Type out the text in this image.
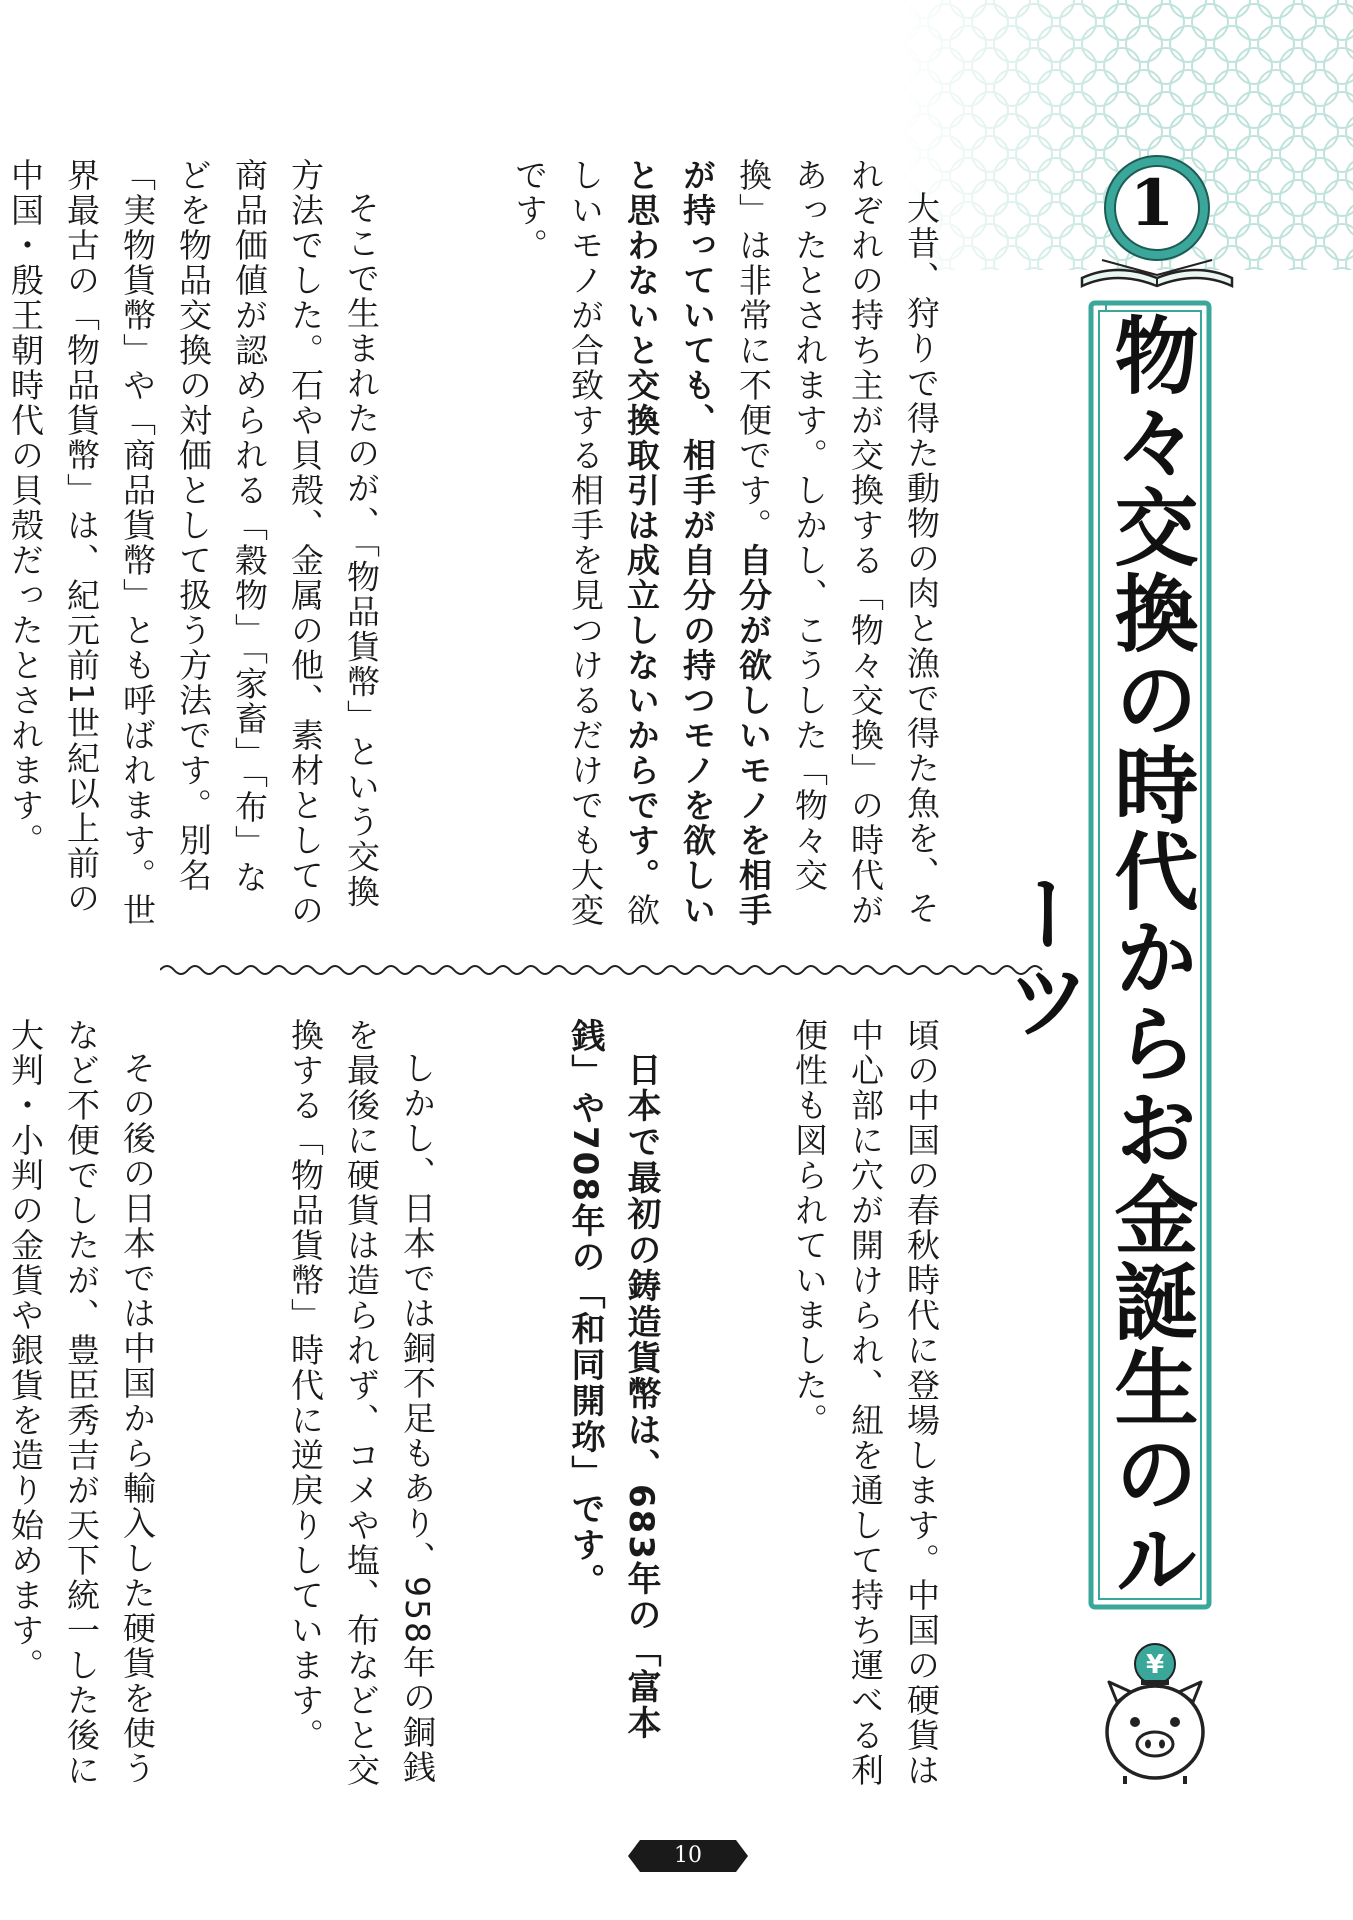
1
物々交換の時代からお金誕生のルーツ

大昔、狩りで得た動物の肉と漁で得た魚を、それぞれの持ち主が交換する「物々交換」の時代があったとされます。しかし、こうした「物々交換」は非常に不便です。自分が欲しいモノを相手が持っていても、相手が自分の持つモノを欲しいと思わないと交換取引は成立しないからです。欲しいモノが合致する相手を見つけるだけでも大変です。

そこで生まれたのが、「物品貨幣」という交換方法でした。石や貝殻、金属の他、素材としての商品価値が認められる「穀物」「家畜」「布」などを物品交換の対価として扱う方法です。別名「実物貨幣」や「商品貨幣」とも呼ばれます。世界最古の「物品貨幣」は、紀元前1世紀以上前の中国・殷王朝時代の貝殻だったとされます。

頃の中国の春秋時代に登場します。中国の硬貨は中心部に穴が開けられ、紐を通して持ち運べる利便性も図られていました。

日本で最初の鋳造貨幣は、683年の「富本銭」や708年の「和同開珎」です。

しかし、日本では銅不足もあり、958年の銅銭を最後に硬貨は造られず、コメや塩、布などと交換する「物品貨幣」時代に逆戻りしています。

その後の日本では中国から輸入した硬貨を使うなど不便でしたが、豊臣秀吉が天下統一した後に大判・小判の金貨や銀貨を造り始めます。

	¥
10
